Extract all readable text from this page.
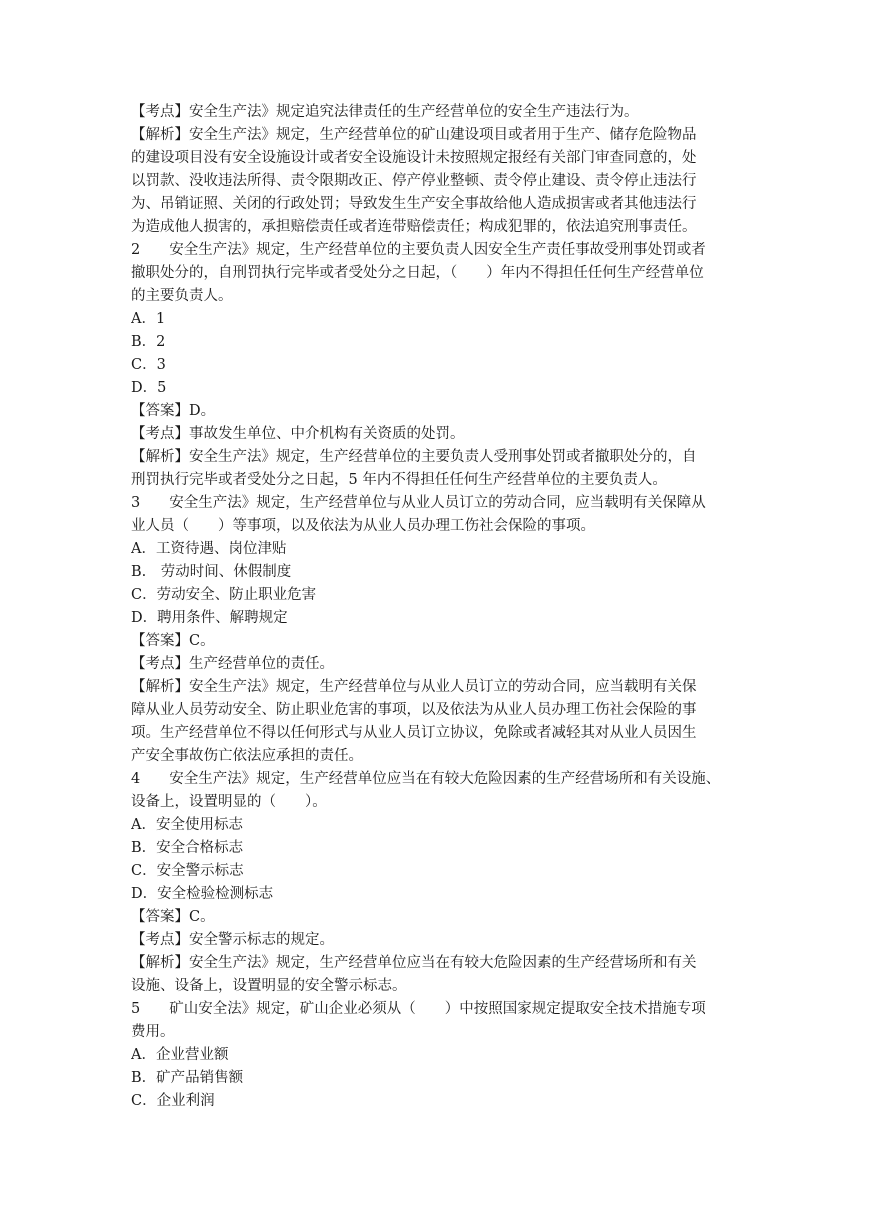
【考点】安全生产法》规定追究法律责任的生产经营单位的安全生产违法行为。
【解析】安全生产法》规定，生产经营单位的矿山建设项目或者用于生产、储存危险物品
的建设项目没有安全设施设计或者安全设施设计未按照规定报经有关部门审查同意的，处
以罚款、没收违法所得、责令限期改正、停产停业整顿、责令停止建设、责令停止违法行
为、吊销证照、关闭的行政处罚；导致发生生产安全事故给他人造成损害或者其他违法行
为造成他人损害的，承担赔偿责任或者连带赔偿责任；构成犯罪的，依法追究刑事责任。
2　　安全生产法》规定，生产经营单位的主要负责人因安全生产责任事故受刑事处罚或者
撤职处分的，自刑罚执行完毕或者受处分之日起，（　　）年内不得担任任何生产经营单位
的主要负责人。
A．1
B．2
C．3
D．5
【答案】D。
【考点】事故发生单位、中介机构有关资质的处罚。
【解析】安全生产法》规定，生产经营单位的主要负责人受刑事处罚或者撤职处分的，自
刑罚执行完毕或者受处分之日起，5 年内不得担任任何生产经营单位的主要负责人。
3　　安全生产法》规定，生产经营单位与从业人员订立的劳动合同，应当载明有关保障从
业人员（　　）等事项，以及依法为从业人员办理工伤社会保险的事项。
A．工资待遇、岗位津贴
B.　劳动时间、休假制度
C．劳动安全、防止职业危害
D．聘用条件、解聘规定
【答案】C。
【考点】生产经营单位的责任。
【解析】安全生产法》规定，生产经营单位与从业人员订立的劳动合同，应当载明有关保
障从业人员劳动安全、防止职业危害的事项，以及依法为从业人员办理工伤社会保险的事
项。生产经营单位不得以任何形式与从业人员订立协议，免除或者减轻其对从业人员因生
产安全事故伤亡依法应承担的责任。
4　　安全生产法》规定，生产经营单位应当在有较大危险因素的生产经营场所和有关设施、
设备上，设置明显的（　　）。
A．安全使用标志
B．安全合格标志
C．安全警示标志
D．安全检验检测标志
【答案】C。
【考点】安全警示标志的规定。
【解析】安全生产法》规定，生产经营单位应当在有较大危险因素的生产经营场所和有关
设施、设备上，设置明显的安全警示标志。
5　　矿山安全法》规定，矿山企业必须从（　　）中按照国家规定提取安全技术措施专项
费用。
A．企业营业额
B．矿产品销售额
C．企业利润
